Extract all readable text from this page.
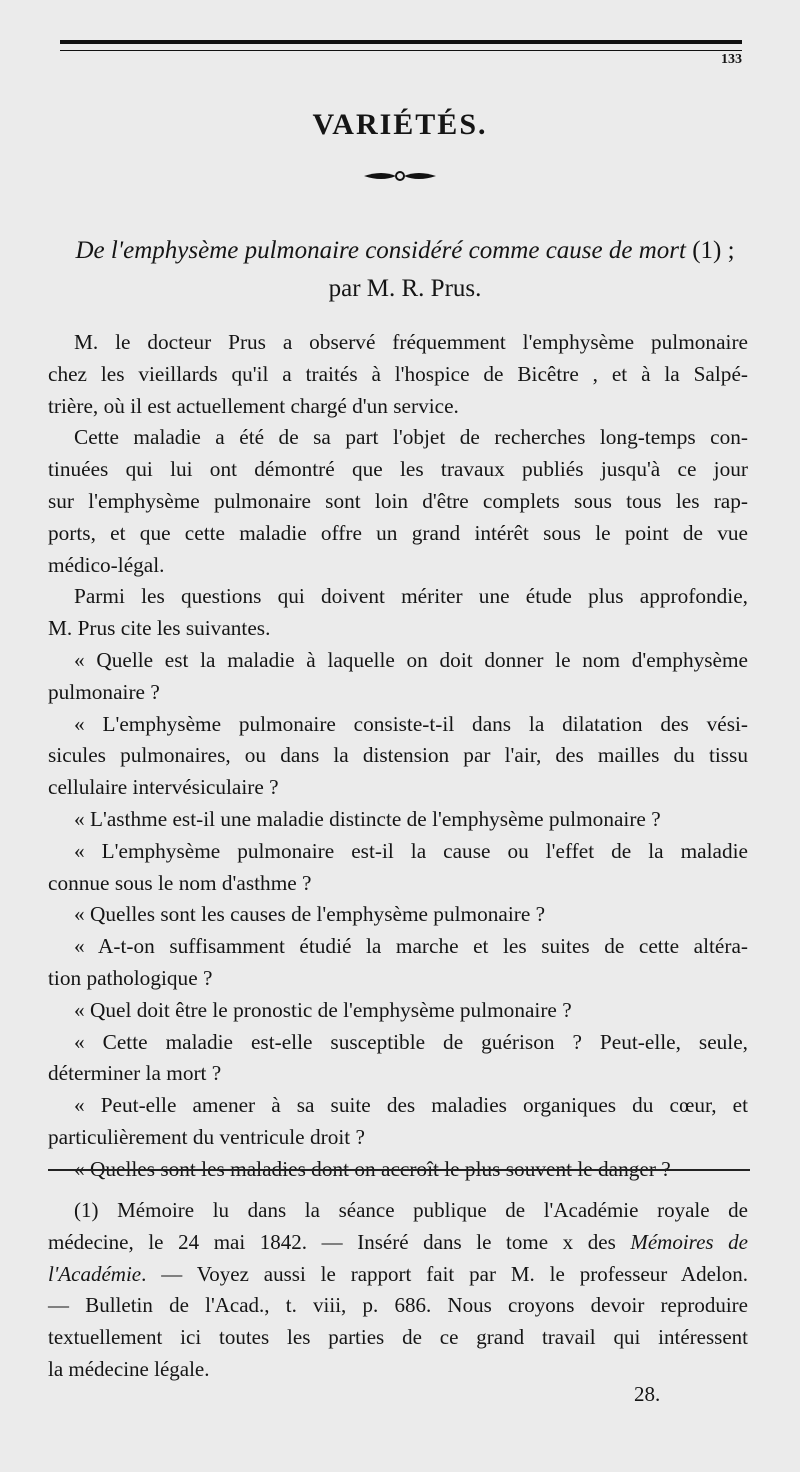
133
VARIÉTÉS.
De l'emphysème pulmonaire considéré comme cause de mort (1) ; par M. R. Prus.
M. le docteur Prus a observé fréquemment l'emphysème pulmonaire
chez les vieillards qu'il a traités à l'hospice de Bicêtre , et à la Salpé-
trière, où il est actuellement chargé d'un service.
Cette maladie a été de sa part l'objet de recherches long-temps con-
tinuées qui lui ont démontré que les travaux publiés jusqu'à ce jour
sur l'emphysème pulmonaire sont loin d'être complets sous tous les rap-
ports, et que cette maladie offre un grand intérêt sous le point de vue
médico-légal.
Parmi les questions qui doivent mériter une étude plus approfondie,
M. Prus cite les suivantes.
« Quelle est la maladie à laquelle on doit donner le nom d'emphysème
pulmonaire ?
« L'emphysème pulmonaire consiste-t-il dans la dilatation des vési-
sicules pulmonaires, ou dans la distension par l'air, des mailles du tissu
cellulaire intervésiculaire ?
« L'asthme est-il une maladie distincte de l'emphysème pulmonaire ?
« L'emphysème pulmonaire est-il la cause ou l'effet de la maladie
connue sous le nom d'asthme ?
« Quelles sont les causes de l'emphysème pulmonaire ?
« A-t-on suffisamment étudié la marche et les suites de cette altéra-
tion pathologique ?
« Quel doit être le pronostic de l'emphysème pulmonaire ?
« Cette maladie est-elle susceptible de guérison ? Peut-elle, seule,
déterminer la mort ?
« Peut-elle amener à sa suite des maladies organiques du cœur, et
particulièrement du ventricule droit ?
« Quelles sont les maladies dont on accroît le plus souvent le danger ?
(1) Mémoire lu dans la séance publique de l'Académie royale de
médecine, le 24 mai 1842. — Inséré dans le tome x des Mémoires de
l'Académie. — Voyez aussi le rapport fait par M. le professeur Adelon.
— Bulletin de l'Acad., t. viii, p. 686. Nous croyons devoir reproduire
textuellement ici toutes les parties de ce grand travail qui intéressent
la médecine légale.
28.
